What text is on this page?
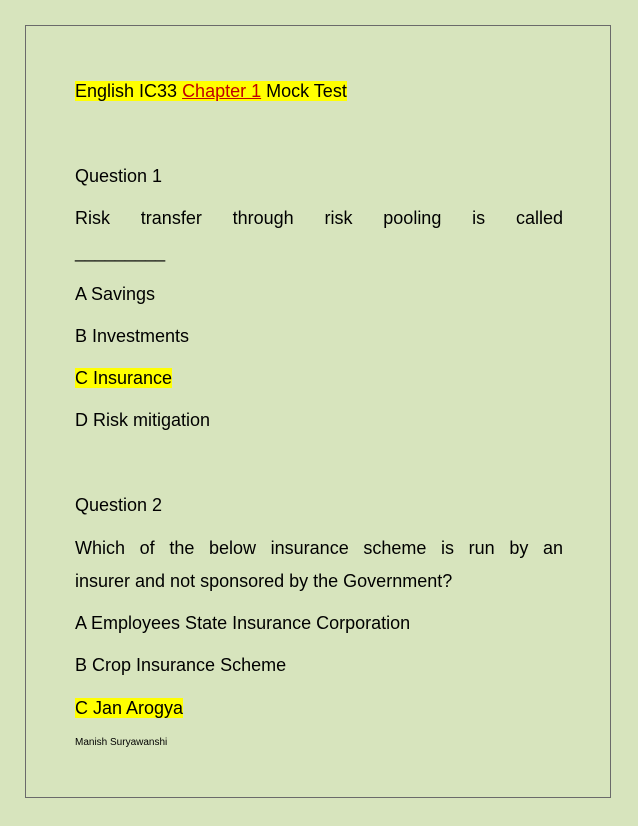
English IC33 Chapter 1 Mock Test
Question 1
Risk transfer through risk pooling is called
_________
A Savings
B Investments
C Insurance
D Risk mitigation
Question 2
Which of the below insurance scheme is run by an
insurer and not sponsored by the Government?
A Employees State Insurance Corporation
B Crop Insurance Scheme
C Jan Arogya
Manish Suryawanshi
